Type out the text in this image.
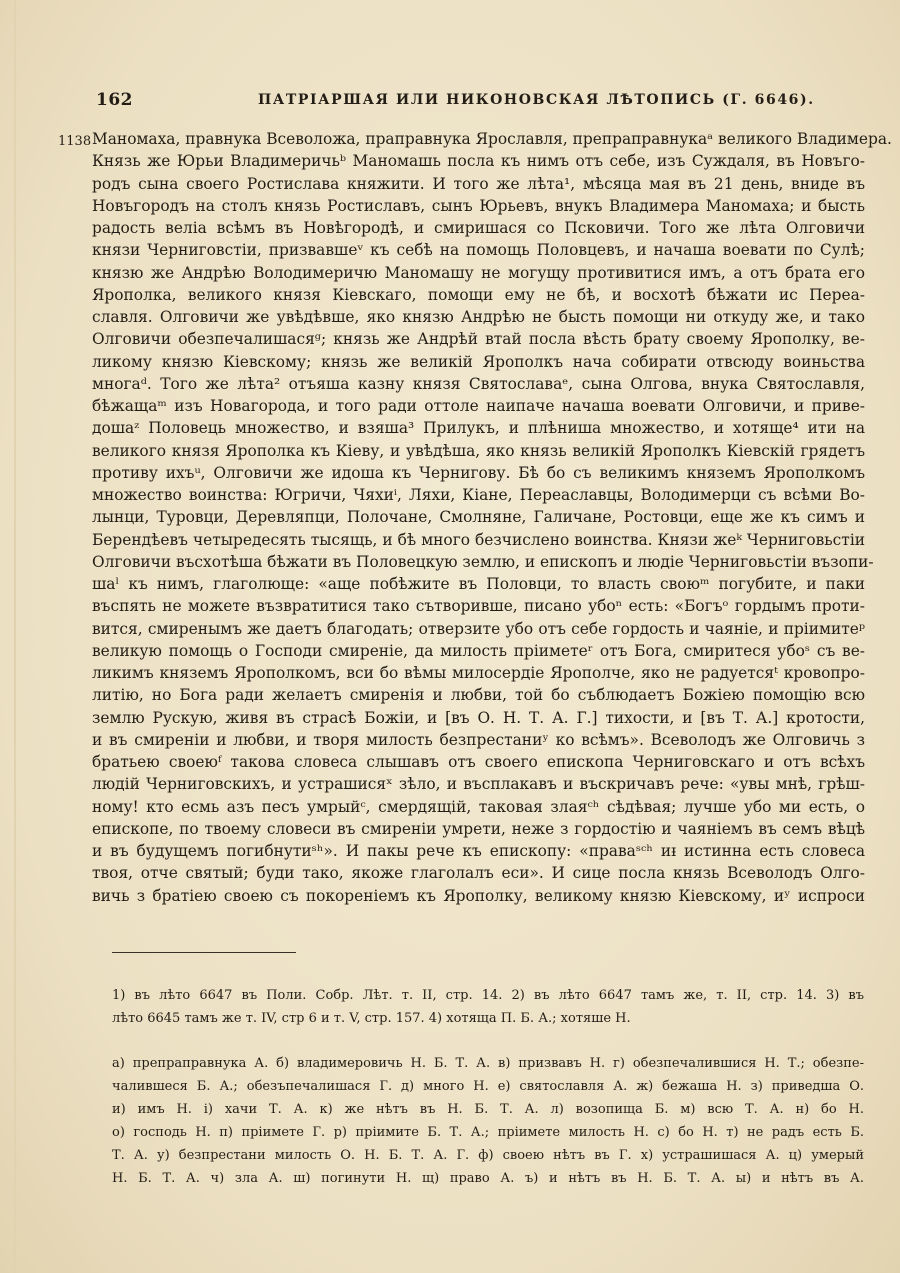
162	ПАТРІАРШАЯ ИЛИ НИКОНОВСКАЯ ЛѢТОПИСЬ (Г. 6646).
1138 Маномаха, правнука Всеволожа, праправнука Ярославля, препраправнукаᵃ великого Владимера.
Князь же Юрьи Владимеричьᵇ Маномашь посла къ нимъ отъ себе, изъ Суждаля, въ Новъго-
родъ сына своего Ростислава княжити. И того же лѣта¹, мѣсяца мая въ 21 день, вниде въ
Новъгородъ на столъ князь Ростиславъ, сынъ Юрьевъ, внукъ Владимера Маномаха; и бысть
радость веліа всѣмъ въ Новѣгородѣ, и смиришася со Псковичи. Того же лѣта Олговичи
князи Черниговстіи, призвавшеᵛ къ себѣ на помощь Половцевъ, и начаша воевати по Сулѣ;
князю же Андрѣю Володимеричю Маномашу не могущу противитися имъ, а отъ брата его
Ярополка, великого князя Кіевскаго, помощи ему не бѣ, и восхотѣ бѣжати ис Переа-
славля. Олговичи же увѣдѣвше, яко князю Андрѣю не бысть помощи ни откуду же, и тако
Олговичи обезпечалишасяᵍ; князь же Андрѣй втай посла вѣсть брату своему Ярополку, ве-
ликому князю Кіевскому; князь же великій Ярополкъ нача собирати отвсюду воиньства
многаᵈ. Того же лѣта² отъяша казну князя Святославаᵉ, сына Олгова, внука Святославля,
бѣжащаᵐ изъ Новагорода, и того ради оттоле наипаче начаша воевати Олговичи, и приве-
дошаᶻ Половець множество, и взяша³ Прилукъ, и плѣниша множество, и хотяще⁴ ити на
великого князя Ярополка къ Кіеву, и увѣдѣша, яко князь великій Ярополкъ Кіевскій грядетъ
противу ихъᵘ, Олговичи же идоша къ Чернигову. Бѣ бо съ великимъ княземъ Ярополкомъ
множество воинства: Югричи, Чяхиⁱ, Ляхи, Кіане, Переаславцы, Володимерци съ всѣми Во-
лынци, Туровци, Деревляпци, Полочане, Смолняне, Галичане, Ростовци, еще же къ симъ и
Берендѣевъ четыредесять тысящь, и бѣ много безчислено воинства. Князи жеᵏ Черниговьстіи
Олговичи въсхотѣша бѣжати въ Половецкую землю, и епископъ и людіе Черниговьстіи възопи-
шаˡ къ нимъ, глаголюще: «аще побѣжите въ Половци, то власть своюᵐ погубите, и паки
въспять не можете възвратитися тако сътворивше, писано убоⁿ есть: «Богъᵒ гордымъ проти-
вится, смиренымъ же даетъ благодать; отверзите убо отъ себе гордость и чаяніе, и пріимитеᵖ
великую помощь о Господи смиреніе, да милость пріиметeʳ отъ Бога, смиритеся убоˢ съ ве-
ликимъ княземъ Ярополкомъ, вси бо вѣмы милосердіе Ярополче, яко не радуетсяᵗ кровопро-
литію, но Бога ради желаетъ смиренія и любви, той бо съблюдаетъ Божіею помощію всю
землю Рускую, живя въ страсѣ Божіи, и [въ О. Н. Т. А. Г.] тихости, и [въ Т. А.] кротости,
и въ смиреніи и любви, и творя милость безпрестаниʸ ко всѣмъ». Всеволодъ же Олговичь з
братьею своеюᶠ такова словеса слышавъ отъ своего епископа Черниговскаго и отъ всѣхъ
людій Черниговскихъ, и устрашисяˣ зѣло, и въсплакавъ и въскричавъ рече: «увы мнѣ, грѣш-
ному! кто есмь азъ песъ умрыйᶜ, смердящій, таковая злаяᶜʰ сѣдѣвая; лучше убо ми есть, о
епископе, по твоему словеси въ смиреніи умрети, неже з гордостію и чаяніемъ въ семъ вѣцѣ
и въ будущемъ погибнутиˢʰ». И пакы рече къ епископу: «праваˢᶜʰ иᵻ истинна есть словеса
твоя, отче святый; буди тако, якоже глаголалъ еси». И сице посла князь Всеволодъ Олго-
вичь з братіею своею съ покореніемъ къ Ярополку, великому князю Кіевскому, иʸ испроси
1) въ лѣто 6647 въ Поли. Собр. Лѣт. т. II, стр. 14. 2) въ лѣто 6647 тамъ же, т. II, стр. 14. 3) въ
лѣто 6645 тамъ же т. IV, стр 6 и т. V, стр. 157. 4) хотяща П. Б. А.; хотяше Н.
а) препраправнука А. б) владимеровичь Н. Б. Т. А. в) призвавъ Н. г) обезпечалившися Н. Т.; обезпе-
чалившеся Б. А.; обезъпечалишася Г. д) много Н. е) святославля А. ж) бежаша Н. з) приведша О.
и) имъ Н. і) хачи Т. А. к) же нѣтъ въ Н. Б. Т. А. л) возопища Б. м) всю Т. А. н) бо Н.
о) господь Н. п) пріимете Г. р) пріимите Б. Т. А.; пріимете милость Н. с) бо Н. т) не радъ есть Б.
Т. А. у) безпрестани милость О. Н. Б. Т. А. Г. ф) своею нѣтъ въ Г. х) устрашишася А. ц) умерый
Н. Б. Т. А. ч) зла А. ш) погинути Н. щ) право А. ъ) и нѣтъ въ Н. Б. Т. А. ы) и нѣтъ въ А.
